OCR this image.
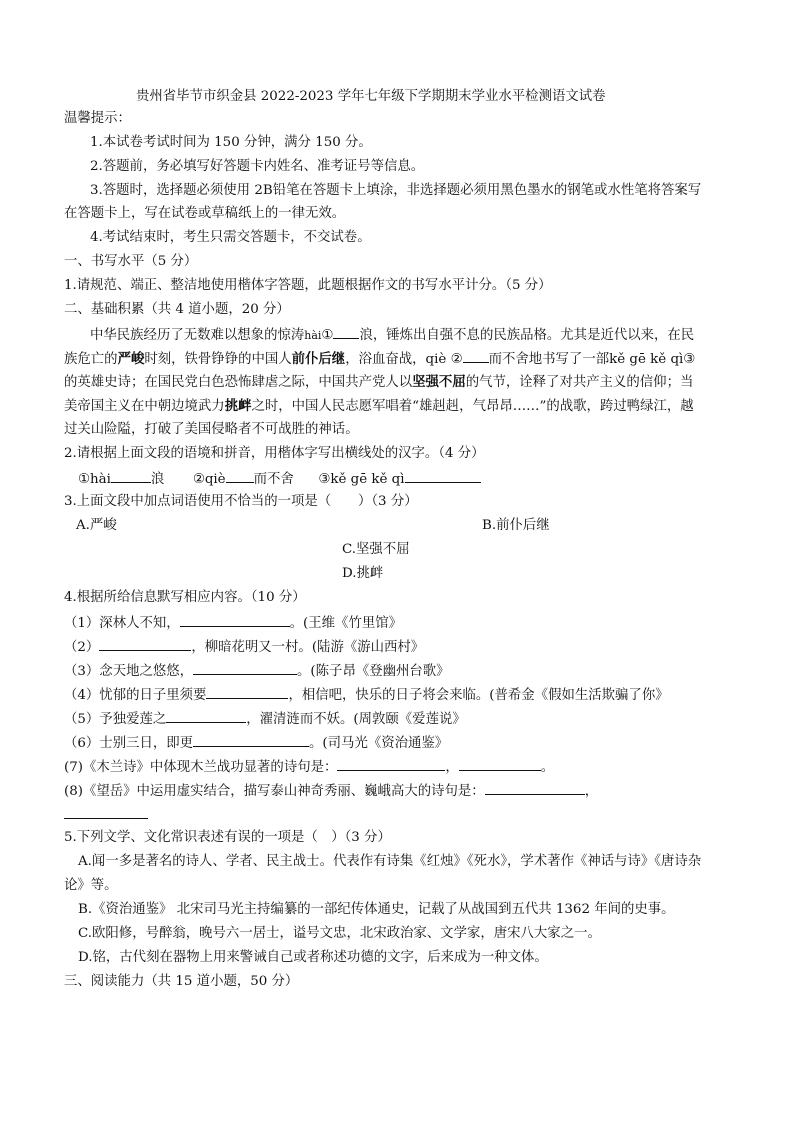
贵州省毕节市织金县 2022-2023 学年七年级下学期期末学业水平检测语文试卷
温馨提示：
1.本试卷考试时间为 150 分钟，满分 150 分。
2.答题前，务必填写好答题卡内姓名、准考证号等信息。
3.答题时，选择题必须使用 2B铅笔在答题卡上填涂，非选择题必须用黑色墨水的钢笔或水性笔将答案写
在答题卡上，写在试卷或草稿纸上的一律无效。
4.考试结束时，考生只需交答题卡，不交试卷。
一、书写水平（5 分）
1.请规范、端正、整洁地使用楷体字答题，此题根据作文的书写水平计分。（5 分）
二、基础积累（共 4 道小题，20 分）
中华民族经历了无数难以想象的惊涛hài① 浪，锤炼出自强不息的民族品格。尤其是近代以来，在民
族危亡的严峻时刻，铁骨铮铮的中国人前仆后继，浴血奋战，qiè ② 而不舍地书写了一部kě gē kě qì③
的英雄史诗；在国民党白色恐怖肆虐之际，中国共产党人以坚强不屈的气节，诠释了对共产主义的信仰；当
美帝国主义在中朝边境武力挑衅之时，中国人民志愿军唱着“雄赳赳，气昂昂……”的战歌，跨过鸭绿江，越
过关山险隘，打破了美国侵略者不可战胜的神话。
2.请根据上面文段的语境和拼音，用楷体字写出横线处的汉字。（4 分）
①hài	浪 ②qiè 而不舍 ③kě gē kě qì
3.上面文段中加点词语使用不恰当的一项是（　　）（3 分）
A.严峻	B.前仆后继
C.坚强不屈
D.挑衅
4.根据所给信息默写相应内容。（10 分）
（1）深林人不知，	。(王维《竹里馆》
（2）	，柳暗花明又一村。(陆游《游山西村》
（3）念天地之悠悠，	。(陈子昂《登幽州台歌》
（4）忧郁的日子里须要	，相信吧，快乐的日子将会来临。(普希金《假如生活欺骗了你》
（5）予独爱莲之	，濯清涟而不妖。(周敦颐《爱莲说》
（6）士别三日，即更	。(司马光《资治通鉴》
(7)《木兰诗》中体现木兰战功显著的诗句是：	，	。
(8)《望岳》中运用虚实结合，描写泰山神奇秀丽、巍峨高大的诗句是：	，
5.下列文学、文化常识表述有误的一项是（　）（3 分）
A.闻一多是著名的诗人、学者、民主战士。代表作有诗集《红烛》《死水》，学术著作《神话与诗》《唐诗杂
论》等。
B.《资治通鉴》 北宋司马光主持编纂的一部纪传体通史，记载了从战国到五代共 1362 年间的史事。
C.欧阳修，号醉翁，晚号六一居士，谥号文忠，北宋政治家、文学家，唐宋八大家之一。
D.铭，古代刻在器物上用来警诫自己或者称述功德的文字，后来成为一种文体。
三、阅读能力（共 15 道小题，50 分）
